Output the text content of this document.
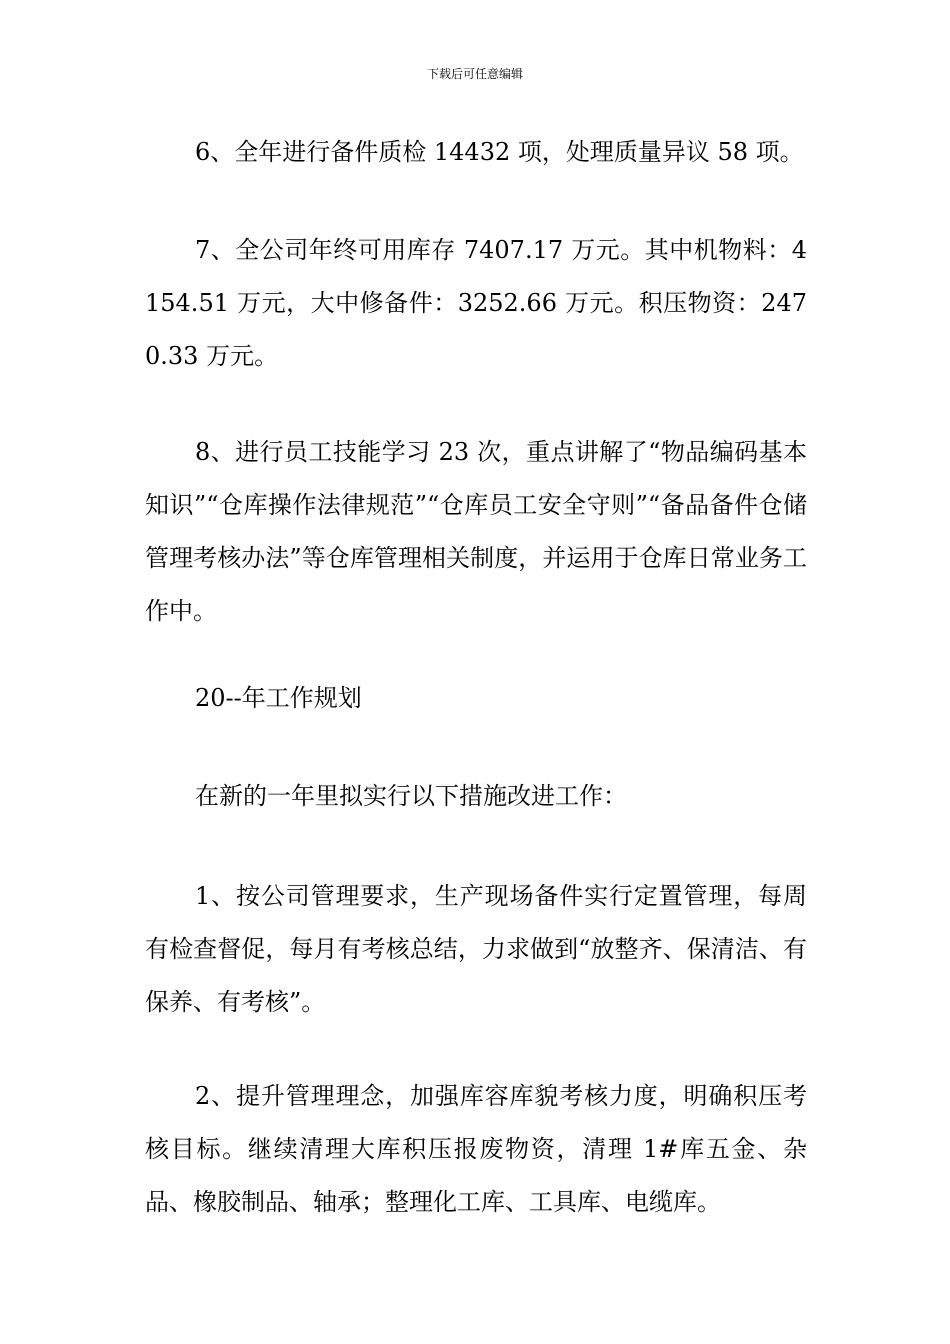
下载后可任意编辑

6、全年进行备件质检 14432 项，处理质量异议 58 项。

7、全公司年终可用库存 7407.17 万元。其中机物料：4154.51 万元，大中修备件：3252.66 万元。积压物资：2470.33 万元。

8、进行员工技能学习 23 次，重点讲解了“物品编码基本知识”“仓库操作法律规范”“仓库员工安全守则”“备品备件仓储管理考核办法”等仓库管理相关制度，并运用于仓库日常业务工作中。

20--年工作规划

在新的一年里拟实行以下措施改进工作：

1、按公司管理要求，生产现场备件实行定置管理，每周有检查督促，每月有考核总结，力求做到“放整齐、保清洁、有保养、有考核”。

2、提升管理理念，加强库容库貌考核力度，明确积压考核目标。继续清理大库积压报废物资，清理 1#库五金、杂品、橡胶制品、轴承；整理化工库、工具库、电缆库。
